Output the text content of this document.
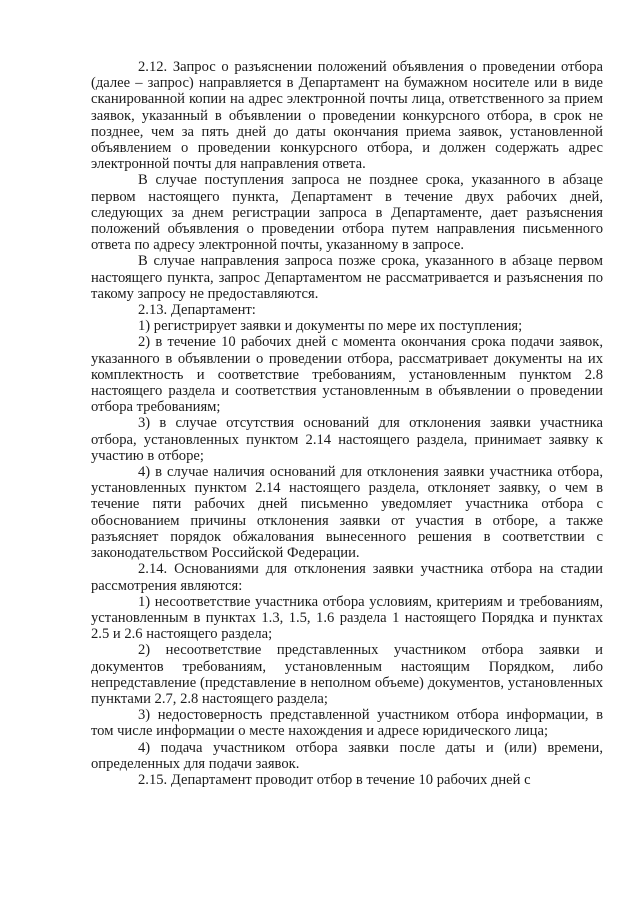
2.12. Запрос о разъяснении положений объявления о проведении отбора (далее – запрос) направляется в Департамент на бумажном носителе или в виде сканированной копии на адрес электронной почты лица, ответственного за прием заявок, указанный в объявлении о проведении конкурсного отбора, в срок не позднее, чем за пять дней до даты окончания приема заявок, установленной объявлением о проведении конкурсного отбора, и должен содержать адрес электронной почты для направления ответа.

В случае поступления запроса не позднее срока, указанного в абзаце первом настоящего пункта, Департамент в течение двух рабочих дней, следующих за днем регистрации запроса в Департаменте, дает разъяснения положений объявления о проведении отбора путем направления письменного ответа по адресу электронной почты, указанному в запросе.

В случае направления запроса позже срока, указанного в абзаце первом настоящего пункта, запрос Департаментом не рассматривается и разъяснения по такому запросу не предоставляются.

2.13. Департамент:

1) регистрирует заявки и документы по мере их поступления;

2) в течение 10 рабочих дней с момента окончания срока подачи заявок, указанного в объявлении о проведении отбора, рассматривает документы на их комплектность и соответствие требованиям, установленным пунктом 2.8 настоящего раздела и соответствия установленным в объявлении о проведении отбора требованиям;

3) в случае отсутствия оснований для отклонения заявки участника отбора, установленных пунктом 2.14 настоящего раздела, принимает заявку к участию в отборе;

4) в случае наличия оснований для отклонения заявки участника отбора, установленных пунктом 2.14 настоящего раздела, отклоняет заявку, о чем в течение пяти рабочих дней письменно уведомляет участника отбора с обоснованием причины отклонения заявки от участия в отборе, а также разъясняет порядок обжалования вынесенного решения в соответствии с законодательством Российской Федерации.

2.14. Основаниями для отклонения заявки участника отбора на стадии рассмотрения являются:

1) несоответствие участника отбора условиям, критериям и требованиям, установленным в пунктах 1.3, 1.5, 1.6 раздела 1 настоящего Порядка и пунктах 2.5 и 2.6 настоящего раздела;

2) несоответствие представленных участником отбора заявки и документов требованиям, установленным настоящим Порядком, либо непредставление (представление в неполном объеме) документов, установленных пунктами 2.7, 2.8 настоящего раздела;

3) недостоверность представленной участником отбора информации, в том числе информации о месте нахождения и адресе юридического лица;

4) подача участником отбора заявки после даты и (или) времени, определенных для подачи заявок.

2.15. Департамент проводит отбор в течение 10 рабочих дней с
